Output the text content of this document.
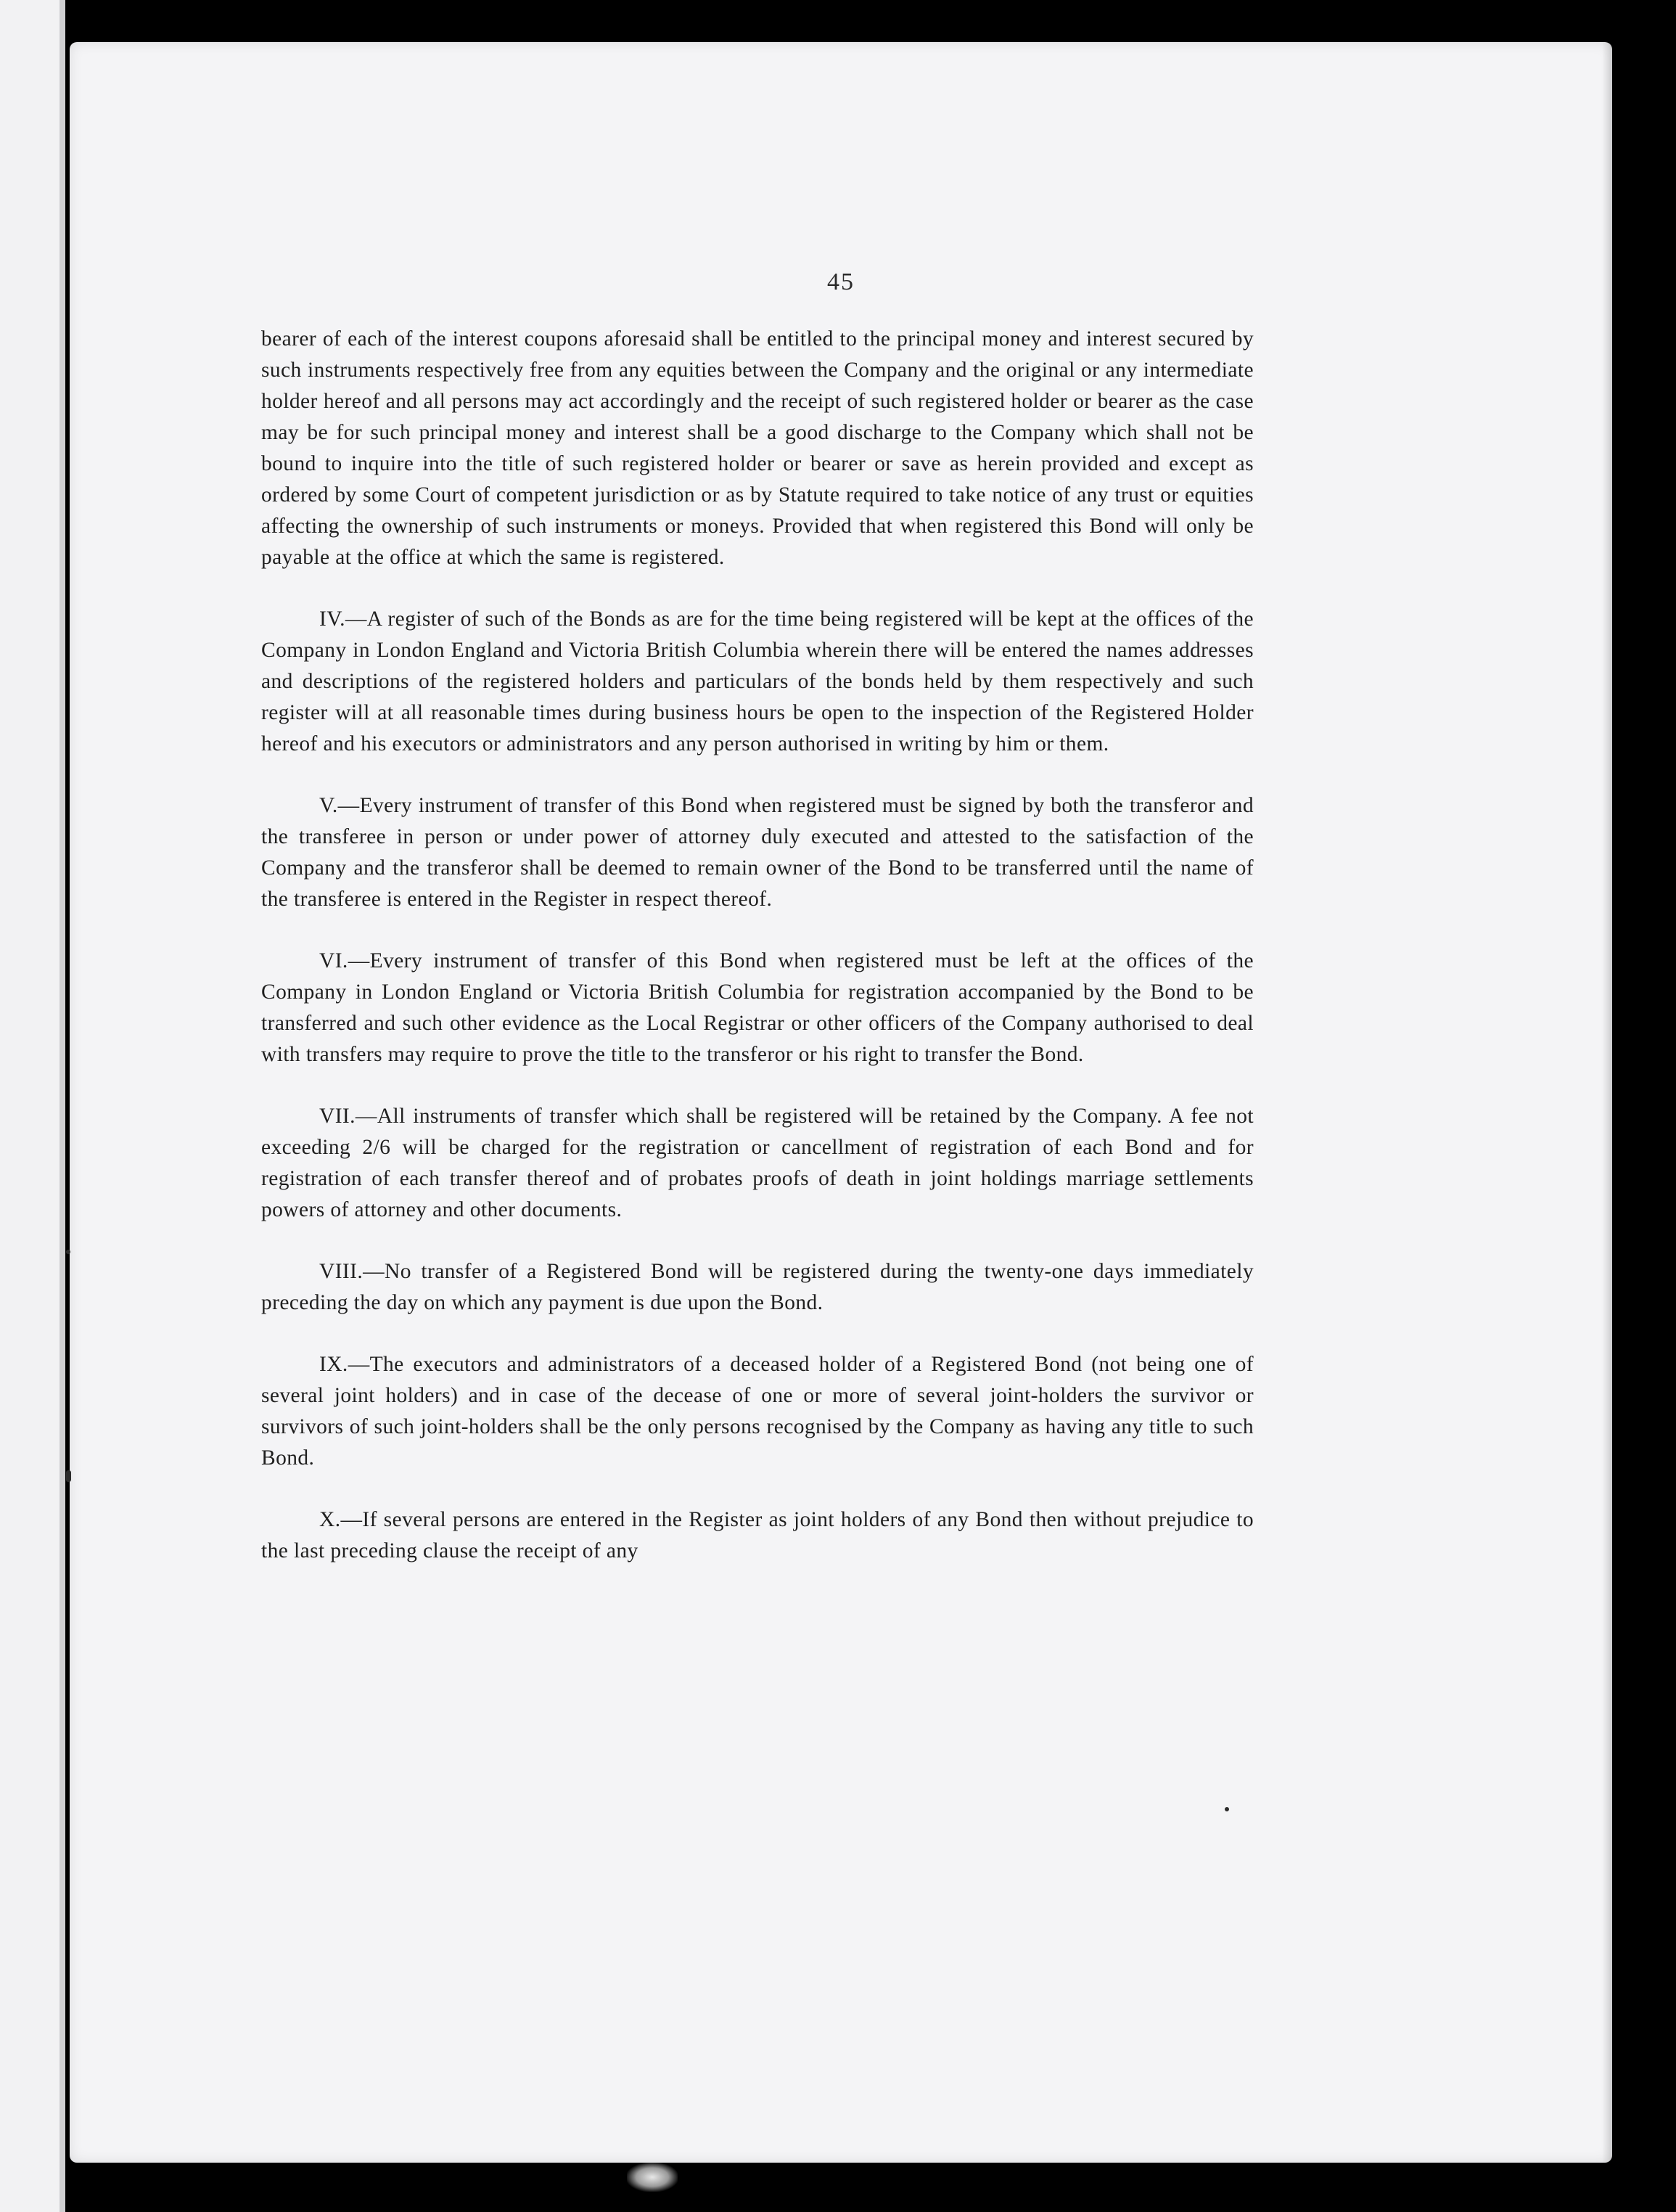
45

bearer of each of the interest coupons aforesaid shall be entitled to the principal money and interest secured by such instruments respectively free from any equities between the Company and the original or any intermediate holder hereof and all persons may act accordingly and the receipt of such registered holder or bearer as the case may be for such principal money and interest shall be a good discharge to the Company which shall not be bound to inquire into the title of such registered holder or bearer or save as herein provided and except as ordered by some Court of competent jurisdiction or as by Statute required to take notice of any trust or equities affecting the ownership of such instruments or moneys. Provided that when registered this Bond will only be payable at the office at which the same is registered.

IV.—A register of such of the Bonds as are for the time being registered will be kept at the offices of the Company in London England and Victoria British Columbia wherein there will be entered the names addresses and descriptions of the registered holders and particulars of the bonds held by them respectively and such register will at all reasonable times during business hours be open to the inspection of the Registered Holder hereof and his executors or administrators and any person authorised in writing by him or them.

V.—Every instrument of transfer of this Bond when registered must be signed by both the transferor and the transferee in person or under power of attorney duly executed and attested to the satisfaction of the Company and the transferor shall be deemed to remain owner of the Bond to be transferred until the name of the transferee is entered in the Register in respect thereof.

VI.—Every instrument of transfer of this Bond when registered must be left at the offices of the Company in London England or Victoria British Columbia for registration accompanied by the Bond to be transferred and such other evidence as the Local Registrar or other officers of the Company authorised to deal with transfers may require to prove the title to the transferor or his right to transfer the Bond.

VII.—All instruments of transfer which shall be registered will be retained by the Company. A fee not exceeding 2/6 will be charged for the registration or cancellment of registration of each Bond and for registration of each transfer thereof and of probates proofs of death in joint holdings marriage settlements powers of attorney and other documents.

VIII.—No transfer of a Registered Bond will be registered during the twenty-one days immediately preceding the day on which any payment is due upon the Bond.

IX.—The executors and administrators of a deceased holder of a Registered Bond (not being one of several joint holders) and in case of the decease of one or more of several joint-holders the survivor or survivors of such joint-holders shall be the only persons recognised by the Company as having any title to such Bond.

X.—If several persons are entered in the Register as joint holders of any Bond then without prejudice to the last preceding clause the receipt of any
